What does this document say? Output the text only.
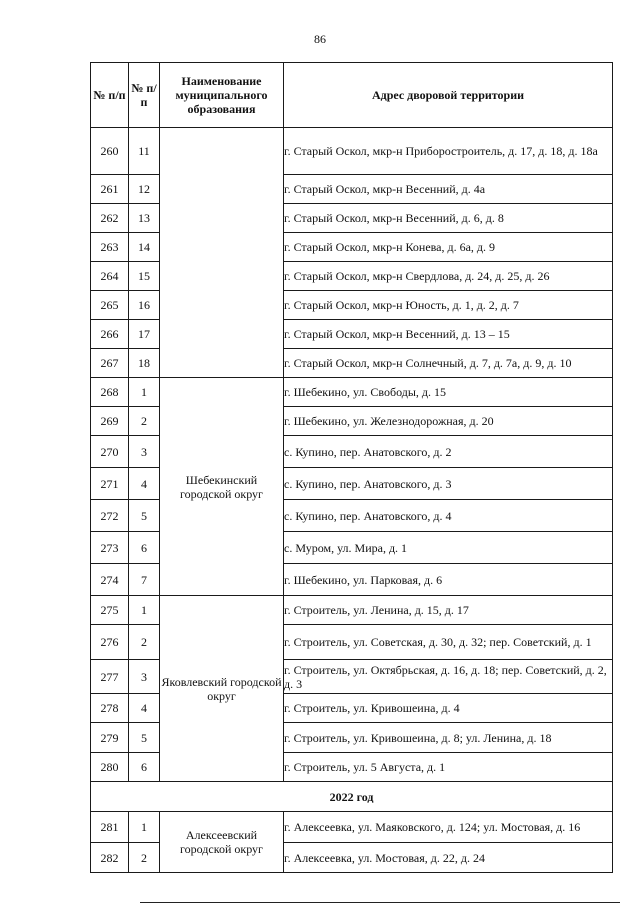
86
№ п/п	№ п/п	Наименование муниципального образования	Адрес дворовой территории
260	11		г. Старый Оскол, мкр-н Приборостроитель, д. 17, д. 18, д. 18а
261	12		г. Старый Оскол, мкр-н Весенний, д. 4а
262	13		г. Старый Оскол, мкр-н Весенний, д. 6, д. 8
263	14		г. Старый Оскол, мкр-н Конева, д. 6а, д. 9
264	15		г. Старый Оскол, мкр-н Свердлова, д. 24, д. 25, д. 26
265	16		г. Старый Оскол, мкр-н Юность, д. 1, д. 2, д. 7
266	17		г. Старый Оскол, мкр-н Весенний, д. 13 – 15
267	18		г. Старый Оскол, мкр-н Солнечный, д. 7, д. 7а, д. 9, д. 10
268	1	Шебекинский городской округ	г. Шебекино, ул. Свободы, д. 15
269	2		г. Шебекино, ул. Железнодорожная, д. 20
270	3		с. Купино, пер. Анатовского, д. 2
271	4		с. Купино, пер. Анатовского, д. 3
272	5		с. Купино, пер. Анатовского, д. 4
273	6		с. Муром, ул. Мира, д. 1
274	7		г. Шебекино, ул. Парковая, д. 6
275	1	Яковлевский городской округ	г. Строитель, ул. Ленина, д. 15, д. 17
276	2		г. Строитель, ул. Советская, д. 30, д. 32; пер. Советский, д. 1
277	3		г. Строитель, ул. Октябрьская, д. 16, д. 18; пер. Советский, д. 2, д. 3
278	4		г. Строитель, ул. Кривошеина, д. 4
279	5		г. Строитель, ул. Кривошеина, д. 8; ул. Ленина, д. 18
280	6		г. Строитель, ул. 5 Августа, д. 1
2022 год			
281	1	Алексеевский городской округ	г. Алексеевка, ул. Маяковского, д. 124; ул. Мостовая, д. 16
282	2		г. Алексеевка, ул. Мостовая, д. 22, д. 24
